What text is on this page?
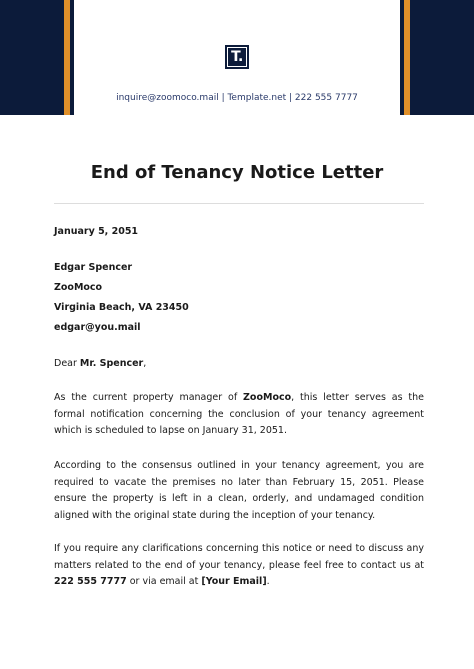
T.
inquire@zoomoco.mail | Template.net | 222 555 7777
End of Tenancy Notice Letter
January 5, 2051
Edgar Spencer
ZooMoco
Virginia Beach, VA 23450
edgar@you.mail
Dear Mr. Spencer,
As the current property manager of ZooMoco, this letter serves as the formal notification concerning the conclusion of your tenancy agreement which is scheduled to lapse on January 31, 2051.
According to the consensus outlined in your tenancy agreement, you are required to vacate the premises no later than February 15, 2051. Please ensure the property is left in a clean, orderly, and undamaged condition aligned with the original state during the inception of your tenancy.
If you require any clarifications concerning this notice or need to discuss any matters related to the end of your tenancy, please feel free to contact us at 222 555 7777 or via email at [Your Email].
